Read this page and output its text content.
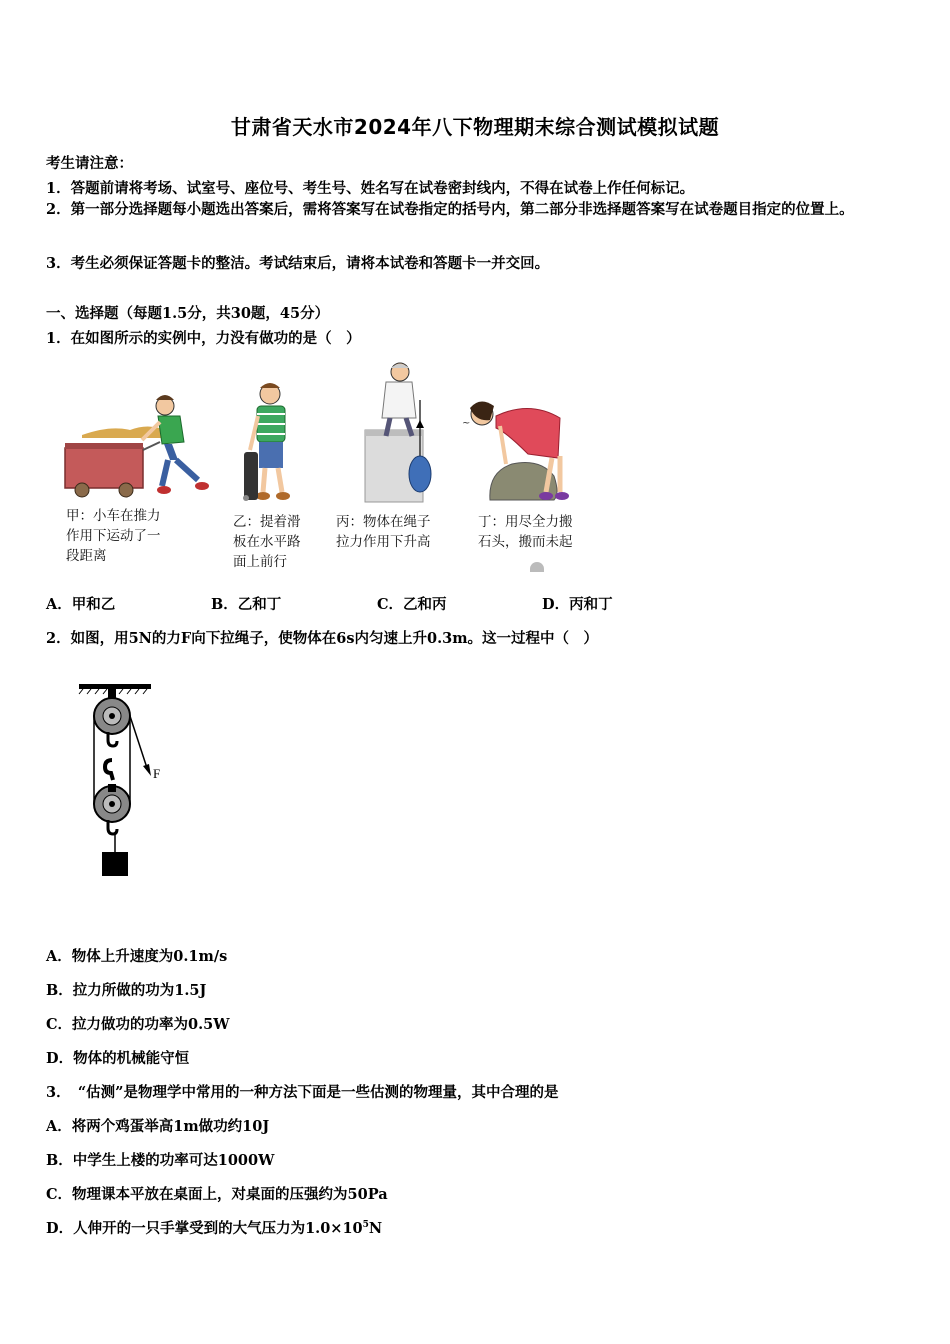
甘肃省天水市2024年八下物理期末综合测试模拟试题
考生请注意：
1．答题前请将考场、试室号、座位号、考生号、姓名写在试卷密封线内，不得在试卷上作任何标记。
2．第一部分选择题每小题选出答案后，需将答案写在试卷指定的括号内，第二部分非选择题答案写在试卷题目指定的位置上。
3．考生必须保证答题卡的整洁。考试结束后，请将本试卷和答题卡一并交回。
一、选择题（每题1.5分，共30题，45分）
1．在如图所示的实例中，力没有做功的是（　）
~
甲：小车在推力
作用下运动了一
段距离
乙：提着滑
板在水平路
面上前行
丙：物体在绳子
拉力作用下升高
丁：用尽全力搬
石头，搬而未起
A．甲和乙	B．乙和丁	C．乙和丙	D．丙和丁
2．如图，用5N的力F向下拉绳子，使物体在6s内匀速上升0.3m。这一过程中（　）
F
A．物体上升速度为0.1m/s
B．拉力所做的功为1.5J
C．拉力做功的功率为0.5W
D．物体的机械能守恒
3．　“估测”是物理学中常用的一种方法下面是一些估测的物理量，其中合理的是
A．将两个鸡蛋举高1m做功约10J
B．中学生上楼的功率可达1000W
C．物理课本平放在桌面上，对桌面的压强约为50Pa
D．人伸开的一只手掌受到的大气压力为$1.0\times 10^5N$
